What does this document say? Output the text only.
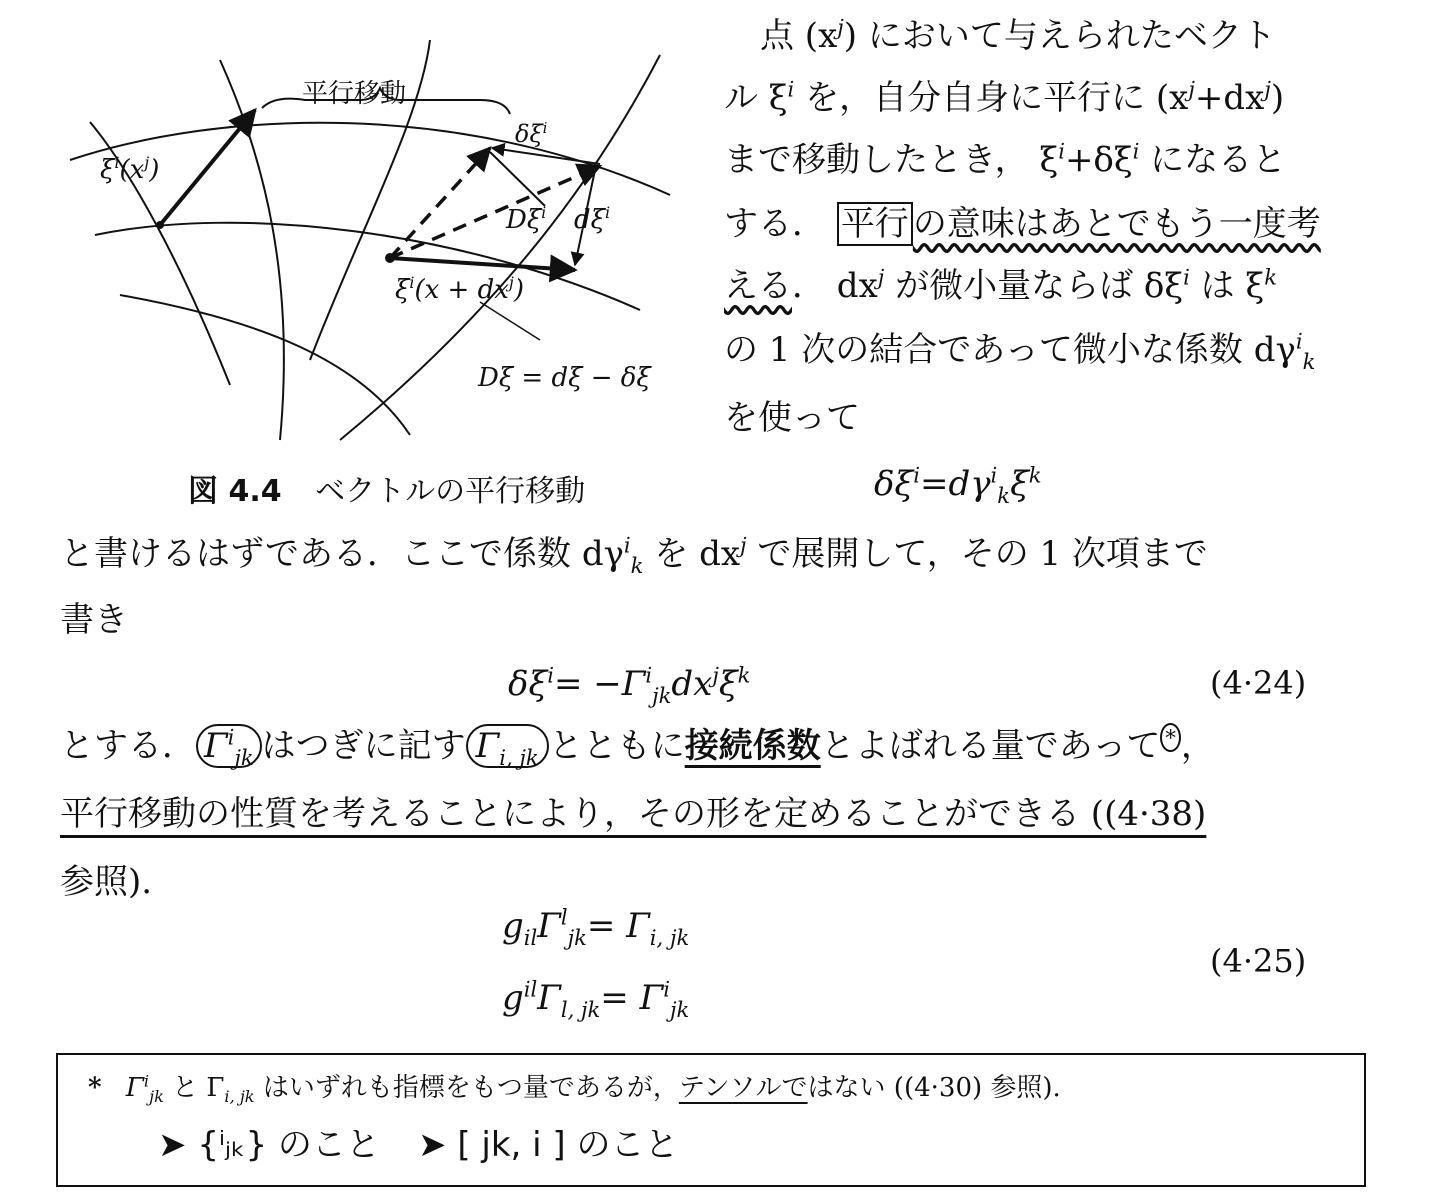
平行移動
$\xi^i(x^j)$
$\delta\xi^i$
$D\xi^i$ $d\xi^i$
$\xi^i(x + dx^j)$
Dξ = dξ − δξ
図 4.4 ベクトルの平行移動
点 $(x^j)$ において与えられたベクト
ル $\xi^i$ を，自分自身に平行に $(x^j+dx^j)$
まで移動したとき， $\xi^i+\delta\xi^i$ になると
する． 平行 の意味はあとでもう一度考
える． $dx^j$ が微小量ならば $\delta\xi^i$ は $\xi^k$
の 1 次の結合であって微小な係数 $d\gamma^i_k$
を使って
$\delta\xi^i=d\gamma^i_k\xi^k$
と書けるはずである．ここで係数 $d\gamma^i_k$ を $dx^j$ で展開して，その 1 次項まで
書き
$\delta\xi^i= -\Gamma^i_{jk}dx^j\xi^k$	(4·24)
とする． $\Gamma^i_{jk}$ はつぎに記す $\Gamma_{i, jk}$ とともに接続係数とよばれる量であって * ，
平行移動の性質を考えることにより，その形を定めることができる ((4·38)
参照).
$g_{il}\Gamma^l_{jk}= \Gamma_{i, jk}$
$g^{il}\Gamma_{l, jk}= \Gamma^i_{jk}$
(4·25)
* $\Gamma^i_{jk}$ と $\Gamma_{i, jk}$ はいずれも指標をもつ量であるが，テンソルではない ((4·30) 参照).
➤ {ⁱⱼₖ} のこと ➤ [ jk, i ] のこと
